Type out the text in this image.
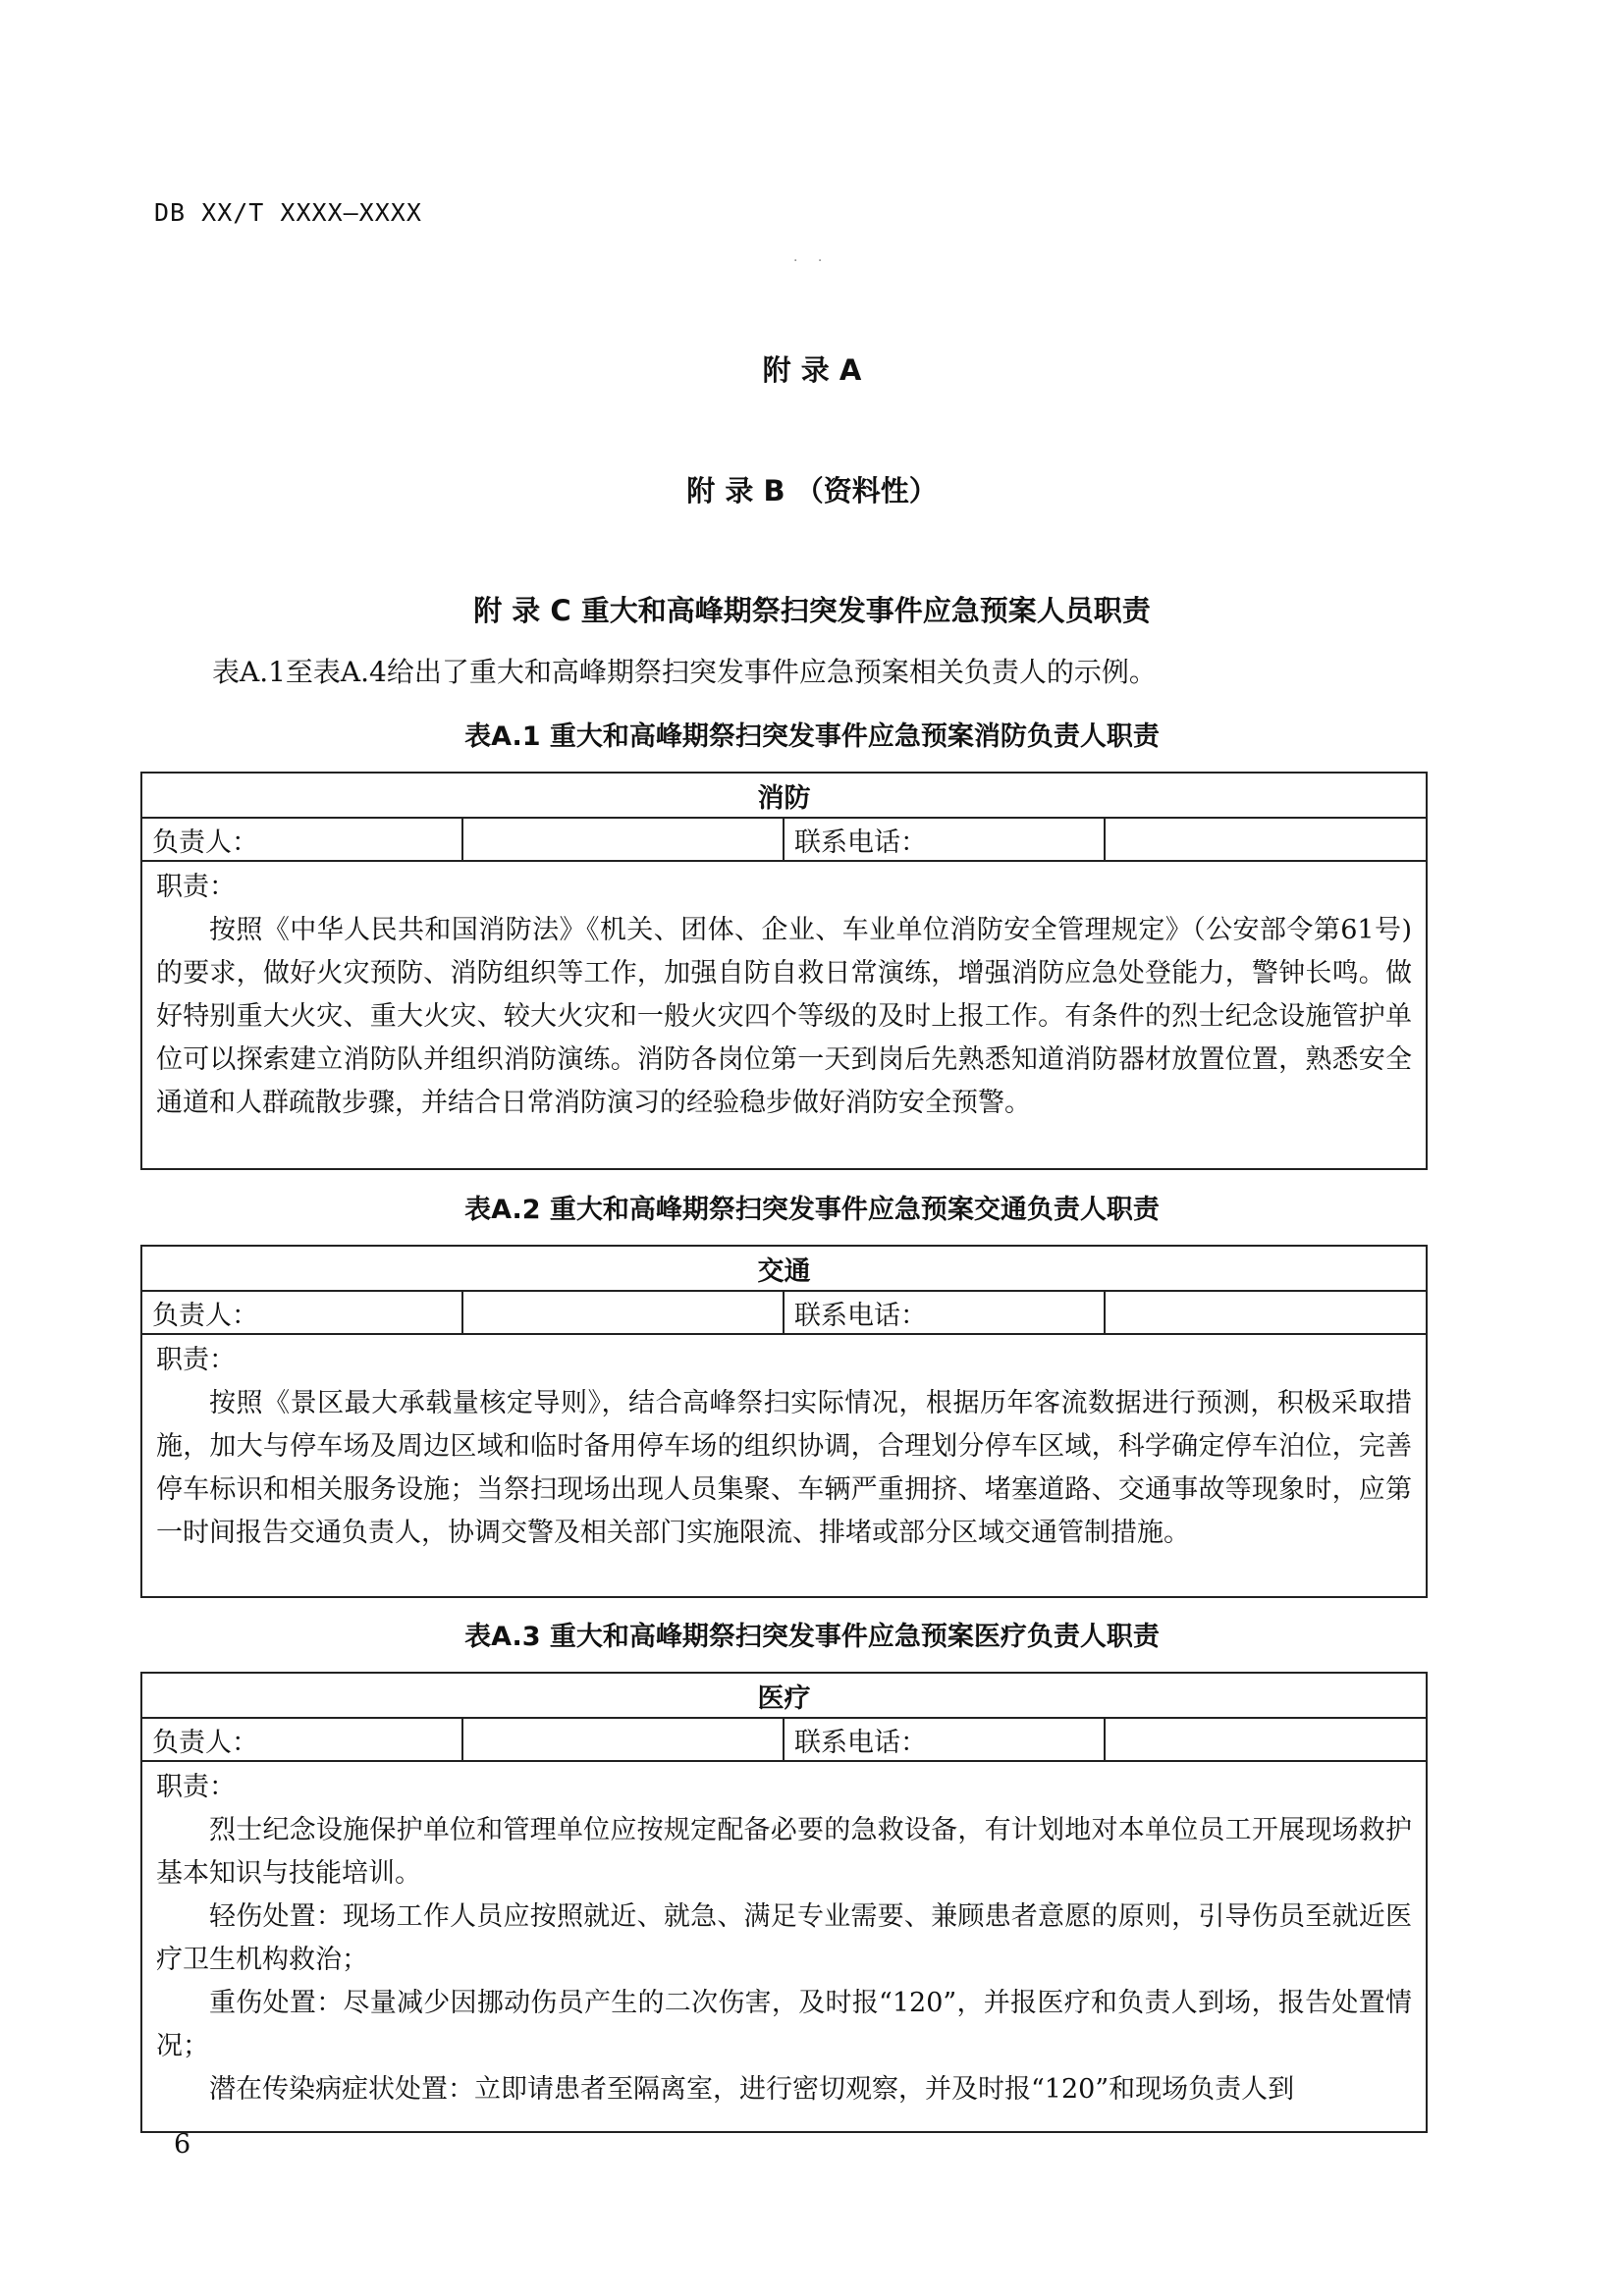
DB XX/T XXXX—XXXX
· ·
附 录 A
附 录 B （资料性）
附 录 C 重大和高峰期祭扫突发事件应急预案人员职责
表A.1至表A.4给出了重大和高峰期祭扫突发事件应急预案相关负责人的示例。
表A.1 重大和高峰期祭扫突发事件应急预案消防负责人职责
消防
负责人：		联系电话：	

职责：
按照《中华人民共和国消防法》《机关、团体、企业、车业单位消防安全管理规定》（公安部令第61号)的要求，做好火灾预防、消防组织等工作，加强自防自救日常演练，增强消防应急处登能力，警钟长鸣。做好特别重大火灾、重大火灾、较大火灾和一般火灾四个等级的及时上报工作。有条件的烈士纪念设施管护单位可以探索建立消防队并组织消防演练。消防各岗位第一天到岗后先熟悉知道消防器材放置位置，熟悉安全通道和人群疏散步骤，并结合日常消防演习的经验稳步做好消防安全预警。
表A.2 重大和高峰期祭扫突发事件应急预案交通负责人职责
交通
负责人：		联系电话：	

职责：
按照《景区最大承载量核定导则》，结合高峰祭扫实际情况，根据历年客流数据进行预测，积极采取措施，加大与停车场及周边区域和临时备用停车场的组织协调，合理划分停车区域，科学确定停车泊位，完善停车标识和相关服务设施；当祭扫现场出现人员集聚、车辆严重拥挤、堵塞道路、交通事故等现象时，应第一时间报告交通负责人，协调交警及相关部门实施限流、排堵或部分区域交通管制措施。
表A.3 重大和高峰期祭扫突发事件应急预案医疗负责人职责
医疗
负责人：		联系电话：	

职责：
烈士纪念设施保护单位和管理单位应按规定配备必要的急救设备，有计划地对本单位员工开展现场救护基本知识与技能培训。
轻伤处置：现场工作人员应按照就近、就急、满足专业需要、兼顾患者意愿的原则，引导伤员至就近医疗卫生机构救治；
重伤处置：尽量减少因挪动伤员产生的二次伤害，及时报“120”，并报医疗和负责人到场，报告处置情况；
潜在传染病症状处置：立即请患者至隔离室，进行密切观察，并及时报“120”和现场负责人到
6
